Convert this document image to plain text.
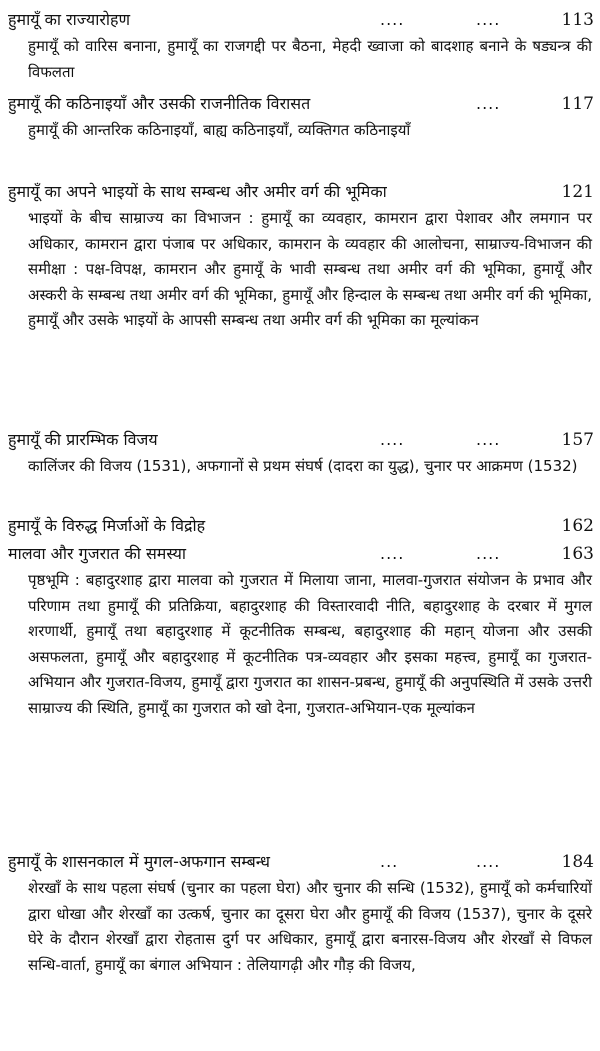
हुमायूँ का राज्यारोहण	....	....	113
हुमायूँ को वारिस बनाना, हुमायूँ का राजगद्दी पर बैठना, मेहदी ख्वाजा को बादशाह बनाने के षड्यन्त्र की विफलता
हुमायूँ की कठिनाइयाँ और उसकी राजनीतिक विरासत	....	117
हुमायूँ की आन्तरिक कठिनाइयाँ, बाह्य कठिनाइयाँ, व्यक्तिगत कठिनाइयाँ
हुमायूँ का अपने भाइयों के साथ सम्बन्ध और अमीर वर्ग की भूमिका	121
भाइयों के बीच साम्राज्य का विभाजन : हुमायूँ का व्यवहार, कामरान द्वारा पेशावर और लमगान पर अधिकार, कामरान द्वारा पंजाब पर अधिकार, कामरान के व्यवहार की आलोचना, साम्राज्य-विभाजन की समीक्षा : पक्ष-विपक्ष, कामरान और हुमायूँ के भावी सम्बन्ध तथा अमीर वर्ग की भूमिका, हुमायूँ और अस्करी के सम्बन्ध तथा अमीर वर्ग की भूमिका, हुमायूँ और हिन्दाल के सम्बन्ध तथा अमीर वर्ग की भूमिका, हुमायूँ और उसके भाइयों के आपसी सम्बन्ध तथा अमीर वर्ग की भूमिका का मूल्यांकन
हुमायूँ की प्रारम्भिक विजय	....	....	157
कालिंजर की विजय (1531), अफगानों से प्रथम संघर्ष (दादरा का युद्ध), चुनार पर आक्रमण (1532)
हुमायूँ के विरुद्ध मिर्जाओं के विद्रोह	162
मालवा और गुजरात की समस्या	....	....	163
पृष्ठभूमि : बहादुरशाह द्वारा मालवा को गुजरात में मिलाया जाना, मालवा-गुजरात संयोजन के प्रभाव और परिणाम तथा हुमायूँ की प्रतिक्रिया, बहादुरशाह की विस्तारवादी नीति, बहादुरशाह के दरबार में मुगल शरणार्थी, हुमायूँ तथा बहादुरशाह में कूटनीतिक सम्बन्ध, बहादुरशाह की महान् योजना और उसकी असफलता, हुमायूँ और बहादुरशाह में कूटनीतिक पत्र-व्यवहार और इसका महत्त्व, हुमायूँ का गुजरात-अभियान और गुजरात-विजय, हुमायूँ द्वारा गुजरात का शासन-प्रबन्ध, हुमायूँ की अनुपस्थिति में उसके उत्तरी साम्राज्य की स्थिति, हुमायूँ का गुजरात को खो देना, गुजरात-अभियान-एक मूल्यांकन
हुमायूँ के शासनकाल में मुगल-अफगान सम्बन्ध	...	....	184
शेरखाँ के साथ पहला संघर्ष (चुनार का पहला घेरा) और चुनार की सन्धि (1532), हुमायूँ को कर्मचारियों द्वारा धोखा और शेरखाँ का उत्कर्ष, चुनार का दूसरा घेरा और हुमायूँ की विजय (1537), चुनार के दूसरे घेरे के दौरान शेरखाँ द्वारा रोहतास दुर्ग पर अधिकार, हुमायूँ द्वारा बनारस-विजय और शेरखाँ से विफल सन्धि-वार्ता, हुमायूँ का बंगाल अभियान : तेलियागढ़ी और गौड़ की विजय,
